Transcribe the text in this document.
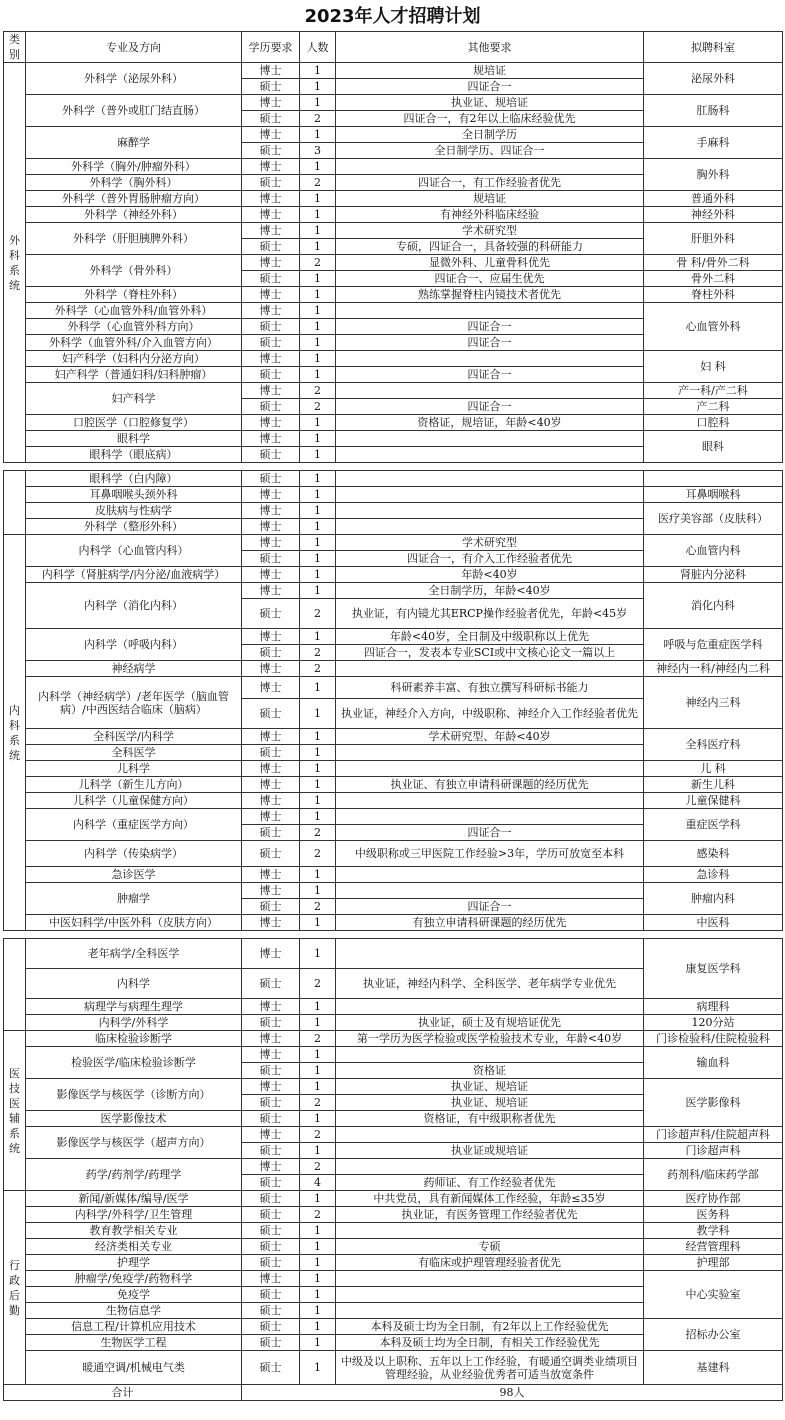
2023年人才招聘计划
类别	专业及方向	学历要求	人数	其他要求	拟聘科室
外科系统	外科学（泌尿外科）	博士	1	规培证	泌尿外科
		硕士	1	四证合一	
	外科学（普外或肛门结直肠）	博士	1	执业证、规培证	肛肠科
		硕士	2	四证合一，有2年以上临床经验优先	
	麻醉学	博士	1	全日制学历	手麻科
		硕士	3	全日制学历、四证合一	
	外科学（胸外/肿瘤外科）	博士	1		胸外科
	外科学（胸外科）	硕士	2	四证合一，有工作经验者优先	
	外科学（普外胃肠肿瘤方向）	博士	1	规培证	普通外科
	外科学（神经外科）	博士	1	有神经外科临床经验	神经外科
	外科学（肝胆胰脾外科）	博士	1	学术研究型	肝胆外科
		硕士	1	专硕，四证合一，具备较强的科研能力	
	外科学（骨外科）	博士	2	显微外科、儿童骨科优先	骨 科/骨外二科
		硕士	1	四证合一、应届生优先	骨外二科
	外科学（脊柱外科）	博士	1	熟练掌握脊柱内镜技术者优先	脊柱外科
	外科学（心血管外科/血管外科）	博士	1		心血管外科
	外科学（心血管外科方向）	硕士	1	四证合一	
	外科学（血管外科/介入血管方向）	硕士	1	四证合一	
	妇产科学（妇科内分泌方向）	博士	1		妇 科
	妇产科学（普通妇科/妇科肿瘤）	硕士	1	四证合一	
	妇产科学	博士	2		产一科/产二科
		硕士	2	四证合一	产二科
	口腔医学（口腔修复学）	博士	1	资格证，规培证，年龄<40岁	口腔科
	眼科学	博士	1		眼科
	眼科学（眼底病）	硕士	1		

	眼科学（白内障）	硕士	1		
	耳鼻咽喉头颈外科	博士	1		耳鼻咽喉科
	皮肤病与性病学	博士	1		医疗美容部（皮肤科）
	外科学（整形外科）	博士	1		
内科系统	内科学（心血管内科）	博士	1	学术研究型	心血管内科
		硕士	1	四证合一，有介入工作经验者优先	
	内科学（肾脏病学/内分泌/血液病学）	博士	1	年龄<40岁	肾脏内分泌科
	内科学（消化内科）	博士	1	全日制学历，年龄<40岁	消化内科
		硕士	2	执业证，有内镜尤其ERCP操作经验者优先，年龄<45岁	
	内科学（呼吸内科）	博士	1	年龄<40岁，全日制及中级职称以上优先	呼吸与危重症医学科
		硕士	2	四证合一，发表本专业SCI或中文核心论文一篇以上	
	神经病学	博士	2		神经内一科/神经内二科
	内科学（神经病学）/老年医学（脑血管病）/中西医结合临床（脑病）	博士	1	科研素养丰富、有独立撰写科研标书能力	神经内三科
		硕士	1	执业证，神经介入方向，中级职称、神经介入工作经验者优先	
	全科医学/内科学	博士	1	学术研究型、年龄<40岁	全科医疗科
	全科医学	硕士	1		
	儿科学	博士	1		儿 科
	儿科学（新生儿方向）	博士	1	执业证、有独立申请科研课题的经历优先	新生儿科
	儿科学（儿童保健方向）	博士	1		儿童保健科
	内科学（重症医学方向）	博士	1		重症医学科
		硕士	2	四证合一	
	内科学（传染病学）	硕士	2	中级职称或三甲医院工作经验>3年，学历可放宽至本科	感染科
	急诊医学	博士	1		急诊科
	肿瘤学	博士	1		肿瘤内科
		硕士	2	四证合一	
	中医妇科学/中医外科（皮肤方向）	博士	1	有独立申请科研课题的经历优先	中医科

	老年病学/全科医学	博士	1		康复医学科
	内科学	硕士	2	执业证，神经内科学、全科医学、老年病学专业优先	
	病理学与病理生理学	博士	1		病理科
	内科学/外科学	硕士	1	执业证，硕士及有规培证优先	120分站
医技医辅系统	临床检验诊断学	博士	2	第一学历为医学检验或医学检验技术专业，年龄<40岁	门诊检验科/住院检验科
	检验医学/临床检验诊断学	博士	1		输血科
		硕士	1	资格证	
	影像医学与核医学（诊断方向）	博士	1	执业证、规培证	医学影像科
		硕士	2	执业证、规培证	
	医学影像技术	硕士	1	资格证，有中级职称者优先	
	影像医学与核医学（超声方向）	博士	2		门诊超声科/住院超声科
		硕士	1	执业证或规培证	门诊超声科
	药学/药剂学/药理学	博士	2		药剂科/临床药学部
		硕士	4	药师证、有工作经验者优先	
行政后勤	新闻/新媒体/编导/医学	硕士	1	中共党员，具有新闻媒体工作经验，年龄≤35岁	医疗协作部
	内科学/外科学/卫生管理	硕士	2	执业证，有医务管理工作经验者优先	医务科
	教育教学相关专业	硕士	1		教学科
	经济类相关专业	硕士	1	专硕	经营管理科
	护理学	硕士	1	有临床或护理管理经验者优先	护理部
	肿瘤学/免疫学/药物科学	博士	1		中心实验室
	免疫学	硕士	1		
	生物信息学	硕士	1		
	信息工程/计算机应用技术	硕士	1	本科及硕士均为全日制，有2年以上工作经验优先	招标办公室
	生物医学工程	硕士	1	本科及硕士均为全日制，有相关工作经验优先	
	暖通空调/机械电气类	硕士	1	中级及以上职称、五年以上工作经验，有暖通空调类业绩项目管理经验，从业经验优秀者可适当放宽条件	基建科
合计		98人			
